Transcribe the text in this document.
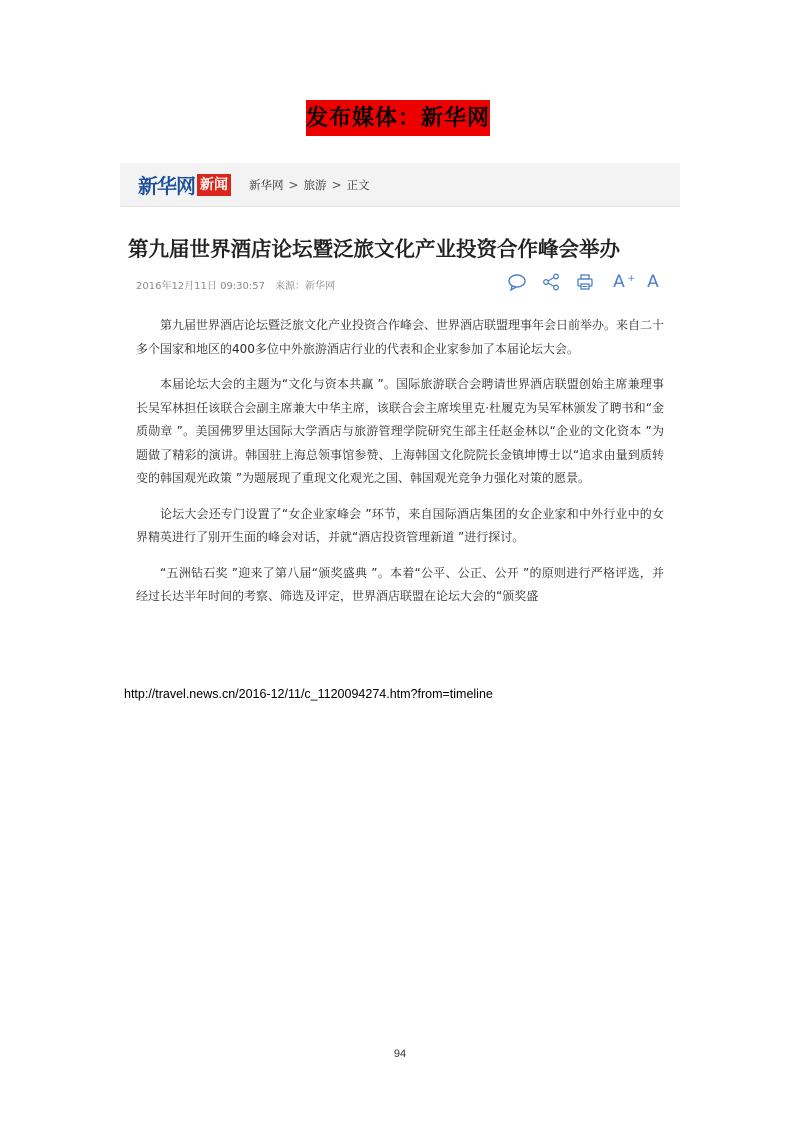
发布媒体：新华网
新华网 新闻 新华网 > 旅游 > 正文
第九届世界酒店论坛暨泛旅文化产业投资合作峰会举办
2016年12月11日 09:30:57 来源：新华网	A + A

第九届世界酒店论坛暨泛旅文化产业投资合作峰会、世界酒店联盟理事年会日前举办。来自二十多个国家和地区的400多位中外旅游酒店行业的代表和企业家参加了本届论坛大会。

本届论坛大会的主题为“文化与资本共赢 ”。国际旅游联合会聘请世界酒店联盟创始主席兼理事长吴军林担任该联合会副主席兼大中华主席，该联合会主席埃里克·杜履克为吴军林颁发了聘书和“金质勋章 ”。美国佛罗里达国际大学酒店与旅游管理学院研究生部主任赵金林以“企业的文化资本 ”为题做了精彩的演讲。韩国驻上海总领事馆参赞、上海韩国文化院院长金镇坤博士以“追求由量到质转变的韩国观光政策 ”为题展现了重现文化观光之国、韩国观光竞争力强化对策的愿景。

论坛大会还专门设置了“女企业家峰会 ”环节，来自国际酒店集团的女企业家和中外行业中的女界精英进行了别开生面的峰会对话，并就“酒店投资管理新道 ”进行探讨。

“五洲钻石奖 ”迎来了第八届“颁奖盛典 ”。本着“公平、公正、公开 ”的原则进行严格评选，并经过长达半年时间的考察、筛选及评定，世界酒店联盟在论坛大会的“颁奖盛

http://travel.news.cn/2016-12/11/c_1120094274.htm?from=timeline
94
